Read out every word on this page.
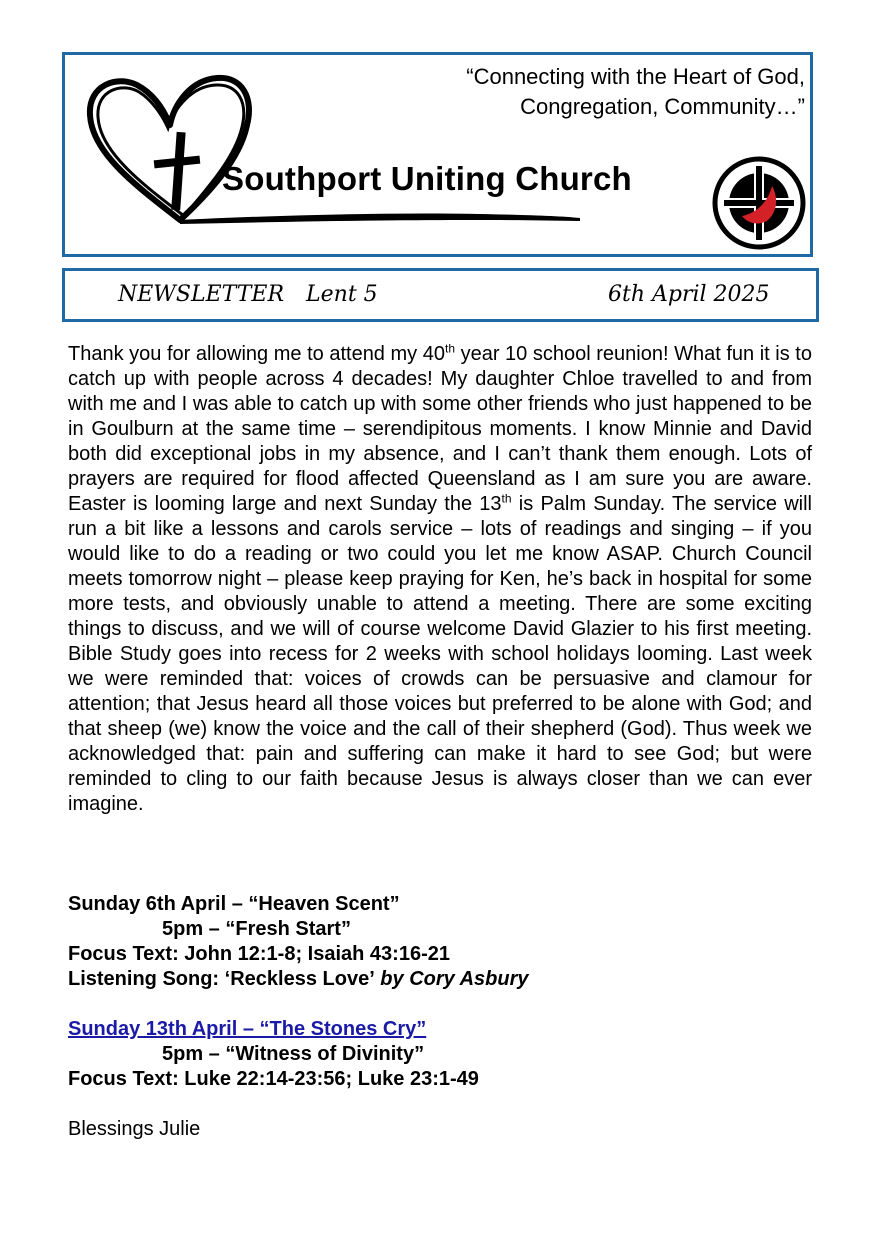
“Connecting with the Heart of God,
Congregation, Community…”
Southport Uniting Church
NEWSLETTER Lent 5	6th April 2025
Thank you for allowing me to attend my 40th year 10 school reunion! What fun it is to catch up with people across 4 decades! My daughter Chloe travelled to and from with me and I was able to catch up with some other friends who just happened to be in Goulburn at the same time – serendipitous moments. I know Minnie and David both did exceptional jobs in my absence, and I can’t thank them enough. Lots of prayers are required for flood affected Queensland as I am sure you are aware. Easter is looming large and next Sunday the 13th is Palm Sunday. The service will run a bit like a lessons and carols service – lots of readings and singing – if you would like to do a reading or two could you let me know ASAP. Church Council meets tomorrow night – please keep praying for Ken, he’s back in hospital for some more tests, and obviously unable to attend a meeting. There are some exciting things to discuss, and we will of course welcome David Glazier to his first meeting. Bible Study goes into recess for 2 weeks with school holidays looming. Last week we were reminded that: voices of crowds can be persuasive and clamour for attention; that Jesus heard all those voices but preferred to be alone with God; and that sheep (we) know the voice and the call of their shepherd (God). Thus week we acknowledged that: pain and suffering can make it hard to see God; but were reminded to cling to our faith because Jesus is always closer than we can ever imagine.
Sunday 6th April – “Heaven Scent”
5pm – “Fresh Start”
Focus Text: John 12:1-8; Isaiah 43:16-21
Listening Song: ‘Reckless Love’ by Cory Asbury
Sunday 13th April – “The Stones Cry”
5pm – “Witness of Divinity”
Focus Text: Luke 22:14-23:56; Luke 23:1-49
Blessings Julie
